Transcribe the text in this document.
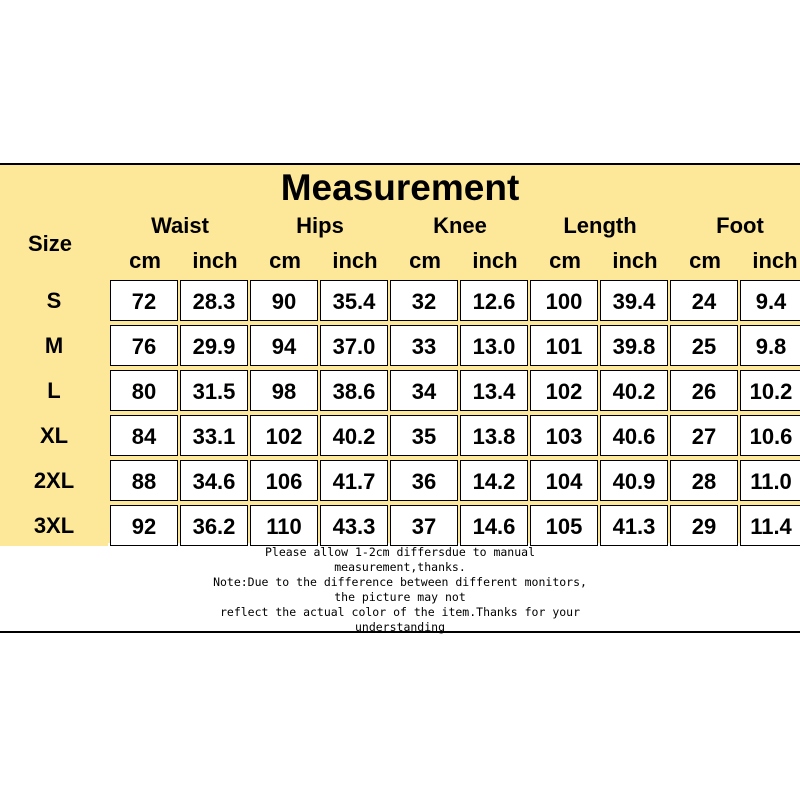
Measurement
Size
Waist	Hips	Knee	Length	Foot
cm	inch	cm	inch	cm	inch	cm	inch	cm	inch
S	72	28.3	90	35.4	32	12.6	100	39.4	24	9.4
M	76	29.9	94	37.0	33	13.0	101	39.8	25	9.8
L	80	31.5	98	38.6	34	13.4	102	40.2	26	10.2
XL	84	33.1	102	40.2	35	13.8	103	40.6	27	10.6
2XL	88	34.6	106	41.7	36	14.2	104	40.9	28	11.0
3XL	92	36.2	110	43.3	37	14.6	105	41.3	29	11.4
Please allow 1-2cm differsdue to manual
measurement,thanks.
Note:Due to the difference between different monitors,
the picture may not
reflect the actual color of the item.Thanks for your
understanding
